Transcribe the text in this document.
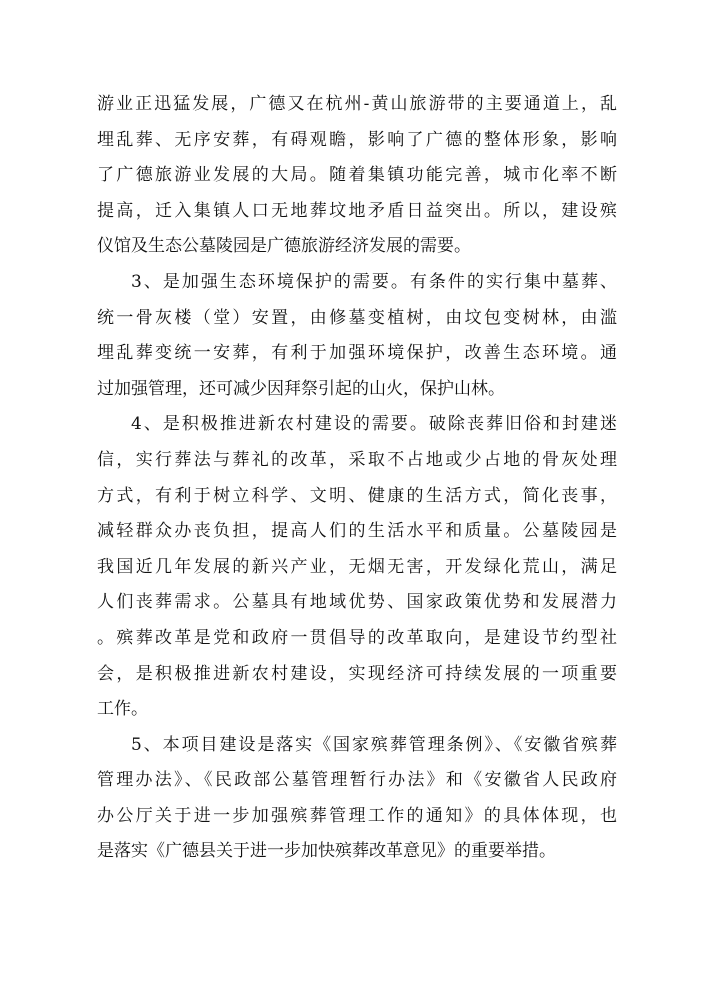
游业正迅猛发展，广德又在杭州-黄山旅游带的主要通道上，乱
埋乱葬、无序安葬，有碍观瞻，影响了广德的整体形象，影响
了广德旅游业发展的大局。随着集镇功能完善，城市化率不断
提高，迁入集镇人口无地葬坟地矛盾日益突出。所以，建设殡
仪馆及生态公墓陵园是广德旅游经济发展的需要。
3、是加强生态环境保护的需要。有条件的实行集中墓葬、
统一骨灰楼（堂）安置，由修墓变植树，由坟包变树林，由滥
埋乱葬变统一安葬，有利于加强环境保护，改善生态环境。通
过加强管理，还可减少因拜祭引起的山火，保护山林。
4、是积极推进新农村建设的需要。破除丧葬旧俗和封建迷
信，实行葬法与葬礼的改革，采取不占地或少占地的骨灰处理
方式，有利于树立科学、文明、健康的生活方式，简化丧事，
减轻群众办丧负担，提高人们的生活水平和质量。公墓陵园是
我国近几年发展的新兴产业，无烟无害，开发绿化荒山，满足
人们丧葬需求。公墓具有地域优势、国家政策优势和发展潜力
。殡葬改革是党和政府一贯倡导的改革取向，是建设节约型社
会，是积极推进新农村建设，实现经济可持续发展的一项重要
工作。
5、本项目建设是落实《国家殡葬管理条例》、《安徽省殡葬
管理办法》、《民政部公墓管理暂行办法》和《安徽省人民政府
办公厅关于进一步加强殡葬管理工作的通知》的具体体现，也
是落实《广德县关于进一步加快殡葬改革意见》的重要举措。
